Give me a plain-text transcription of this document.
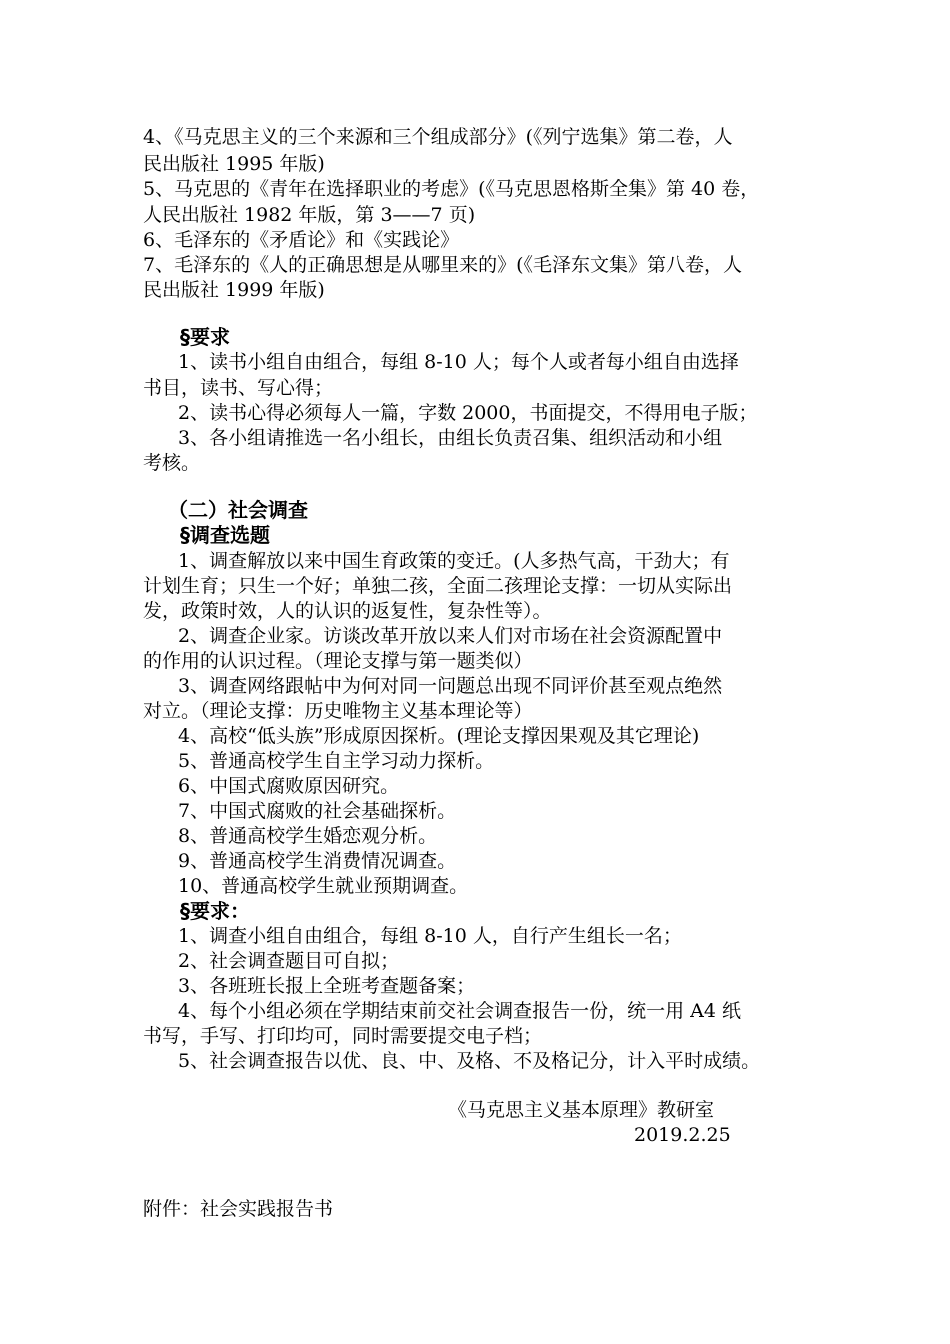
4、《马克思主义的三个来源和三个组成部分》(《列宁选集》第二卷，人
民出版社 1995 年版)
5、马克思的《青年在选择职业的考虑》(《马克思恩格斯全集》第 40 卷，
人民出版社 1982 年版，第 3——7 页)
6、毛泽东的《矛盾论》和《实践论》
7、毛泽东的《人的正确思想是从哪里来的》(《毛泽东文集》第八卷，人
民出版社 1999 年版)
§要求
1、读书小组自由组合，每组 8-10 人；每个人或者每小组自由选择
书目，读书、写心得；
2、读书心得必须每人一篇，字数 2000，书面提交，不得用电子版；
3、各小组请推选一名小组长，由组长负责召集、组织活动和小组
考核。
（二）社会调查
§调查选题
1、调查解放以来中国生育政策的变迁。(人多热气高，干劲大；有
计划生育；只生一个好；单独二孩，全面二孩理论支撑：一切从实际出
发，政策时效，人的认识的返复性，复杂性等）。
2、调查企业家。访谈改革开放以来人们对市场在社会资源配置中
的作用的认识过程。（理论支撑与第一题类似）
3、调查网络跟帖中为何对同一问题总出现不同评价甚至观点绝然
对立。（理论支撑：历史唯物主义基本理论等）
4、高校“低头族”形成原因探析。(理论支撑因果观及其它理论)
5、普通高校学生自主学习动力探析。
6、中国式腐败原因研究。
7、中国式腐败的社会基础探析。
8、普通高校学生婚恋观分析。
9、普通高校学生消费情况调查。
10、普通高校学生就业预期调查。
§要求：
1、调查小组自由组合，每组 8-10 人，自行产生组长一名；
2、社会调查题目可自拟；
3、各班班长报上全班考查题备案；
4、每个小组必须在学期结束前交社会调查报告一份，统一用 A4 纸
书写，手写、打印均可，同时需要提交电子档；
5、社会调查报告以优、良、中、及格、不及格记分，计入平时成绩。
《马克思主义基本原理》教研室
2019.2.25
附件：社会实践报告书
